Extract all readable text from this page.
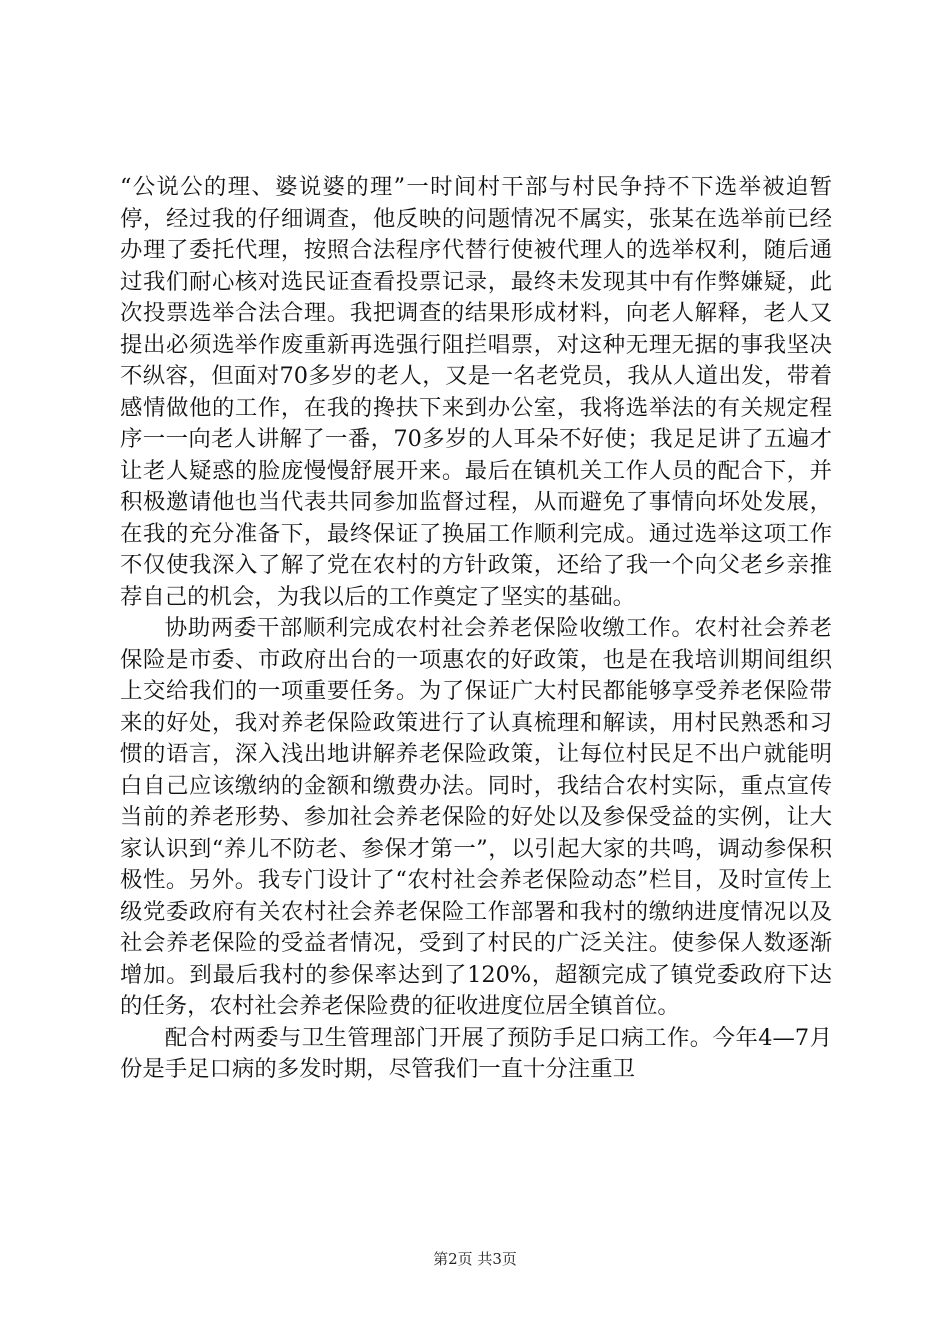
“公说公的理、婆说婆的理”一时间村干部与村民争持不下选举被迫暂停，经过我的仔细调查，他反映的问题情况不属实，张某在选举前已经办理了委托代理，按照合法程序代替行使被代理人的选举权利，随后通过我们耐心核对选民证查看投票记录，最终未发现其中有作弊嫌疑，此次投票选举合法合理。我把调查的结果形成材料，向老人解释，老人又提出必须选举作废重新再选强行阻拦唱票，对这种无理无据的事我坚决不纵容，但面对70多岁的老人，又是一名老党员，我从人道出发，带着感情做他的工作，在我的搀扶下来到办公室，我将选举法的有关规定程序一一向老人讲解了一番，70多岁的人耳朵不好使；我足足讲了五遍才让老人疑惑的脸庞慢慢舒展开来。最后在镇机关工作人员的配合下，并积极邀请他也当代表共同参加监督过程，从而避免了事情向坏处发展，在我的充分准备下，最终保证了换届工作顺利完成。通过选举这项工作不仅使我深入了解了党在农村的方针政策，还给了我一个向父老乡亲推荐自己的机会，为我以后的工作奠定了坚实的基础。

协助两委干部顺利完成农村社会养老保险收缴工作。农村社会养老保险是市委、市政府出台的一项惠农的好政策，也是在我培训期间组织上交给我们的一项重要任务。为了保证广大村民都能够享受养老保险带来的好处，我对养老保险政策进行了认真梳理和解读，用村民熟悉和习惯的语言，深入浅出地讲解养老保险政策，让每位村民足不出户就能明白自己应该缴纳的金额和缴费办法。同时，我结合农村实际，重点宣传当前的养老形势、参加社会养老保险的好处以及参保受益的实例，让大家认识到“养儿不防老、参保才第一”，以引起大家的共鸣，调动参保积极性。另外。我专门设计了“农村社会养老保险动态”栏目，及时宣传上级党委政府有关农村社会养老保险工作部署和我村的缴纳进度情况以及社会养老保险的受益者情况，受到了村民的广泛关注。使参保人数逐渐增加。到最后我村的参保率达到了120%，超额完成了镇党委政府下达的任务，农村社会养老保险费的征收进度位居全镇首位。

配合村两委与卫生管理部门开展了预防手足口病工作。今年4—7月份是手足口病的多发时期，尽管我们一直十分注重卫

第2页 共3页
